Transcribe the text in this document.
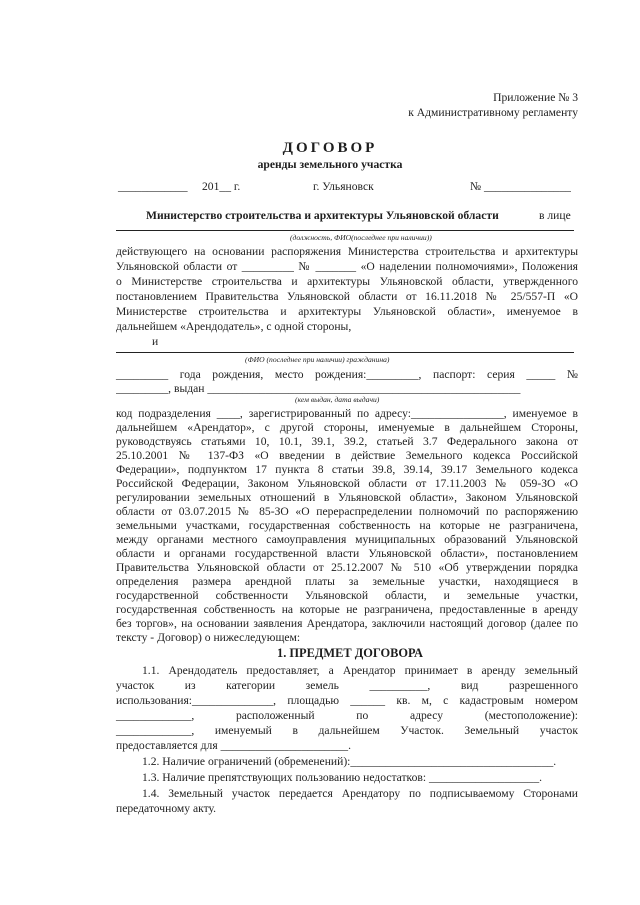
Приложение № 3
к Административному регламенту
ДОГОВОР
аренды земельного участка
____________ 201__ г.	г. Ульяновск	№ _______________
Министерство строительства и архитектуры Ульяновской области	в лице
(должность, ФИО(последнее при наличии))
действующего на основании распоряжения Министерства строительства и архитектуры
Ульяновской области от _________ № _______ «О наделении полномочиями», Положения
о Министерстве строительства и архитектуры Ульяновской области, утвержденного
постановлением Правительства Ульяновской области от 16.11.2018 № 25/557-П «О
Министерстве строительства и архитектуры Ульяновской области», именуемое в
дальнейшем «Арендодатель», с одной стороны,
и
(ФИО (последнее при наличии) гражданина)
_________ года рождения, место рождения:_________, паспорт: серия _____ №
_________, выдан ______________________________________________________
(кем выдан, дата выдачи)
код подразделения ____, зарегистрированный по адресу:________________, именуемое в
дальнейшем «Арендатор», с другой стороны, именуемые в дальнейшем Стороны,
руководствуясь статьями 10, 10.1, 39.1, 39.2, статьей 3.7 Федерального закона от
25.10.2001 № 137-ФЗ «О введении в действие Земельного кодекса Российской
Федерации», подпунктом 17 пункта 8 статьи 39.8, 39.14, 39.17 Земельного кодекса
Российской Федерации, Законом Ульяновской области от 17.11.2003 № 059-ЗО «О
регулировании земельных отношений в Ульяновской области», Законом Ульяновской
области от 03.07.2015 № 85-ЗО «О перераспределении полномочий по распоряжению
земельными участками, государственная собственность на которые не разграничена,
между органами местного самоуправления муниципальных образований Ульяновской
области и органами государственной власти Ульяновской области», постановлением
Правительства Ульяновской области от 25.12.2007 № 510 «Об утверждении порядка
определения размера арендной платы за земельные участки, находящиеся в
государственной собственности Ульяновской области, и земельные участки,
государственная собственность на которые не разграничена, предоставленные в аренду
без торгов», на основании заявления Арендатора, заключили настоящий договор (далее по
тексту - Договор) о нижеследующем:
1. ПРЕДМЕТ ДОГОВОРА
1.1. Арендодатель предоставляет, а Арендатор принимает в аренду земельный
участок из категории земель __________, вид разрешенного
использования:______________, площадью ______ кв. м, с кадастровым номером
_____________, расположенный по адресу (местоположение):
_____________, именуемый в дальнейшем Участок. Земельный участок
предоставляется для ______________________.
1.2. Наличие ограничений (обременений):___________________________________.
1.3. Наличие препятствующих пользованию недостатков: ___________________.
1.4. Земельный участок передается Арендатору по подписываемому Сторонами
передаточному акту.
